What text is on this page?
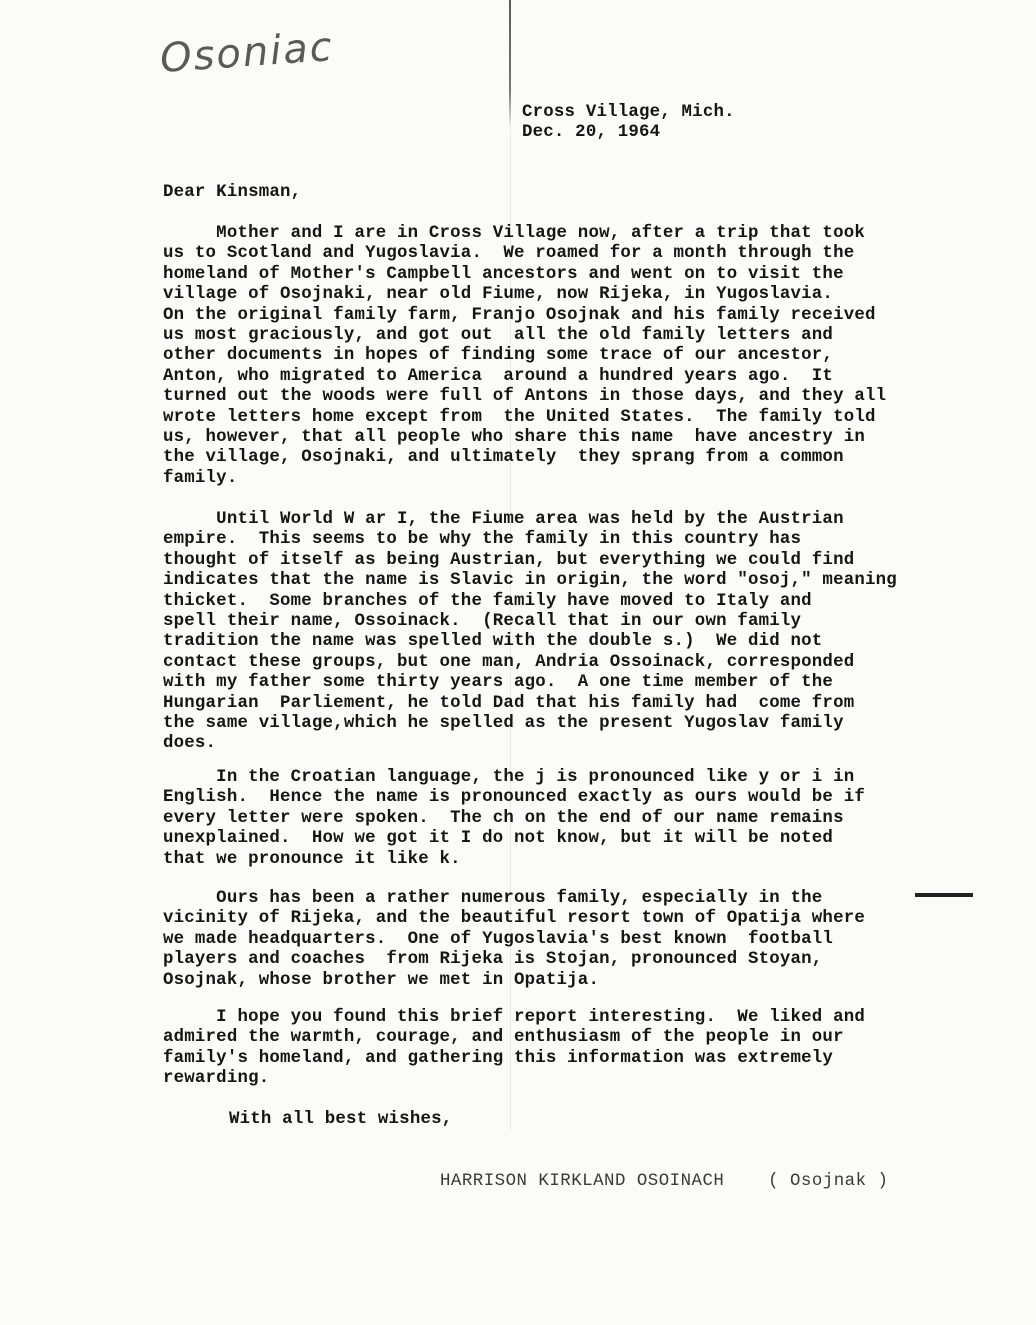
Osoniac
Cross Village, Mich.
Dec. 20, 1964
Dear Kinsman,
Mother and I are in Cross Village now, after a trip that took
us to Scotland and Yugoslavia.  We roamed for a month through the
homeland of Mother's Campbell ancestors and went on to visit the
village of Osojnaki, near old Fiume, now Rijeka, in Yugoslavia.
On the original family farm, Franjo Osojnak and his family received
us most graciously, and got out  all the old family letters and
other documents in hopes of finding some trace of our ancestor,
Anton, who migrated to America  around a hundred years ago.  It
turned out the woods were full of Antons in those days, and they all
wrote letters home except from  the United States.  The family told
us, however, that all people who share this name  have ancestry in
the village, Osojnaki, and ultimately  they sprang from a common
family.
Until World W ar I, the Fiume area was held by the Austrian
empire.  This seems to be why the family in this country has
thought of itself as being Austrian, but everything we could find
indicates that the name is Slavic in origin, the word "osoj," meaning
thicket.  Some branches of the family have moved to Italy and
spell their name, Ossoinack.  (Recall that in our own family
tradition the name was spelled with the double s.)  We did not
contact these groups, but one man, Andria Ossoinack, corresponded
with my father some thirty years ago.  A one time member of the
Hungarian  Parliement, he told Dad that his family had  come from
the same village,which he spelled as the present Yugoslav family
does.
In the Croatian language, the j is pronounced like y or i in
English.  Hence the name is pronounced exactly as ours would be if
every letter were spoken.  The ch on the end of our name remains
unexplained.  How we got it I do not know, but it will be noted
that we pronounce it like k.
Ours has been a rather numerous family, especially in the
vicinity of Rijeka, and the beautiful resort town of Opatija where
we made headquarters.  One of Yugoslavia's best known  football
players and coaches  from Rijeka is Stojan, pronounced Stoyan,
Osojnak, whose brother we met in Opatija.
I hope you found this brief report interesting.  We liked and
admired the warmth, courage, and enthusiasm of the people in our
family's homeland, and gathering this information was extremely
rewarding.
With all best wishes,
HARRISON KIRKLAND OSOINACH	( Osojnak )
